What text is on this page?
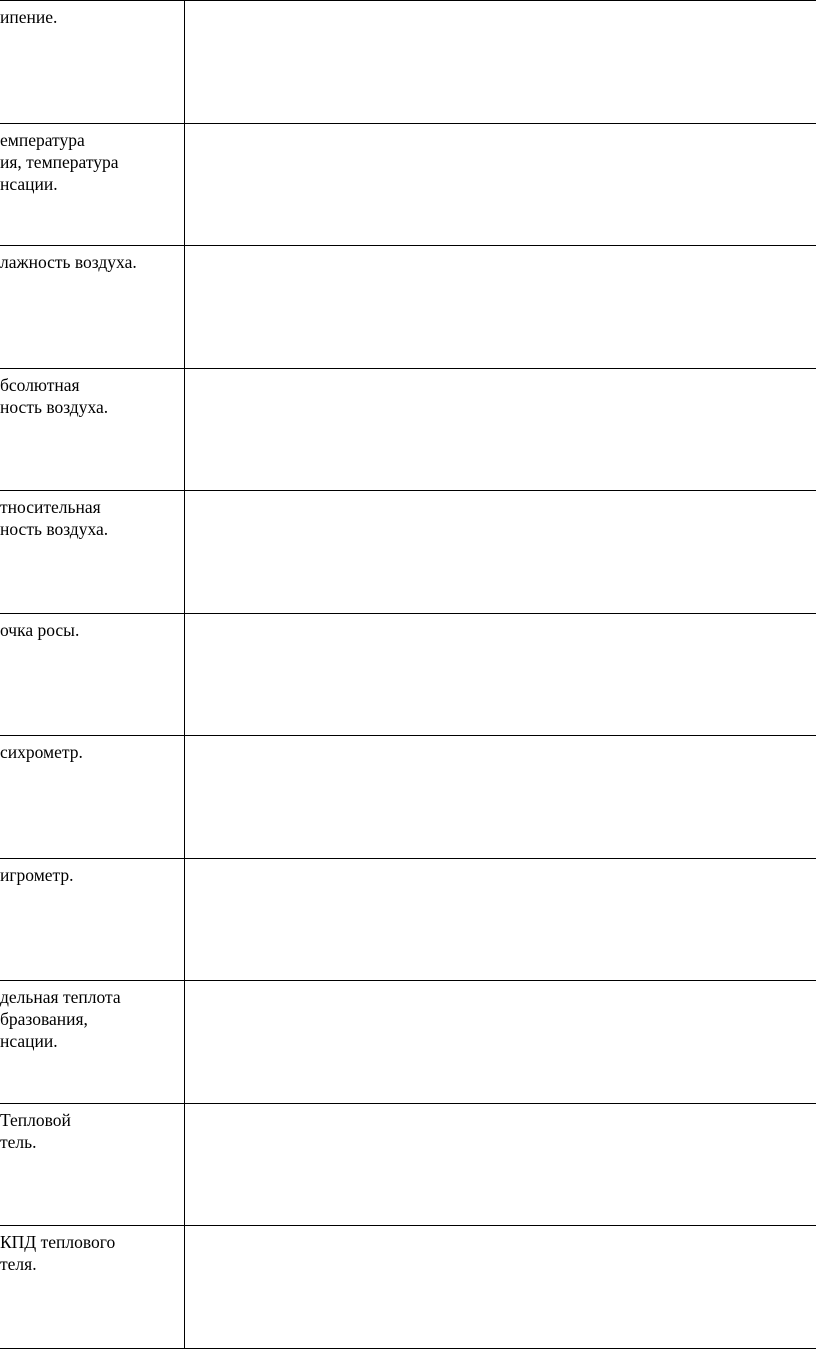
ипение.	

емпература
ия, температура
нсации.	

лажность воздуха.	

бсолютная
ность воздуха.	

тносительная
ность воздуха.	

очка росы.	

сихрометр.	

игрометр.	

дельная теплота
бразования,
нсации.	

Тепловой
тель.	

КПД теплового
теля.	
